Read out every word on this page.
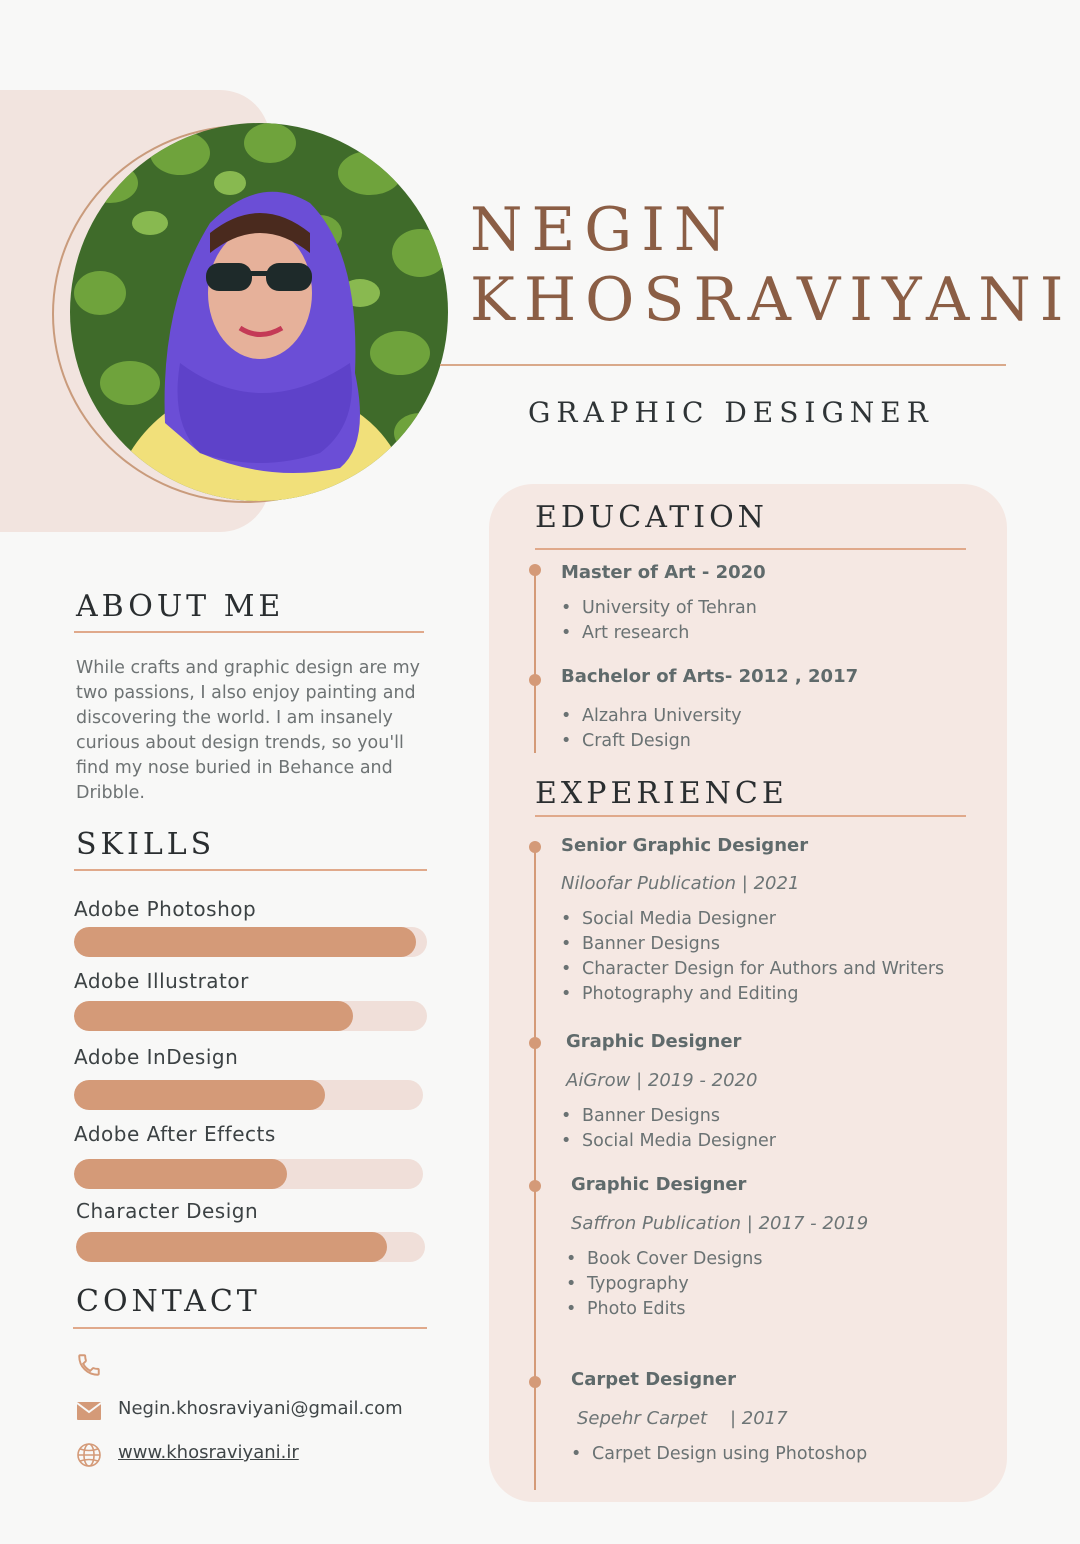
NEGIN
KHOSRAVIYANI
GRAPHIC DESIGNER
ABOUT ME
While crafts and graphic design are my two passions, I also enjoy painting and discovering the world. I am insanely curious about design trends, so you'll find my nose buried in Behance and Dribble.
SKILLS
Adobe Photoshop
Adobe Illustrator
Adobe InDesign
Adobe After Effects
Character Design
CONTACT
Negin.khosraviyani@gmail.com
www.khosraviyani.ir
EDUCATION
Master of Art - 2020
• University of Tehran
• Art research
Bachelor of Arts- 2012 , 2017
• Alzahra University
• Craft Design
EXPERIENCE
Senior Graphic Designer
Niloofar Publication | 2021
• Social Media Designer
• Banner Designs
• Character Design for Authors and Writers
• Photography and Editing
Graphic Designer
AiGrow | 2019 - 2020
• Banner Designs
• Social Media Designer
Graphic Designer
Saffron Publication | 2017 - 2019
• Book Cover Designs
• Typography
• Photo Edits
Carpet Designer
Sepehr Carpet    | 2017
• Carpet Design using Photoshop
